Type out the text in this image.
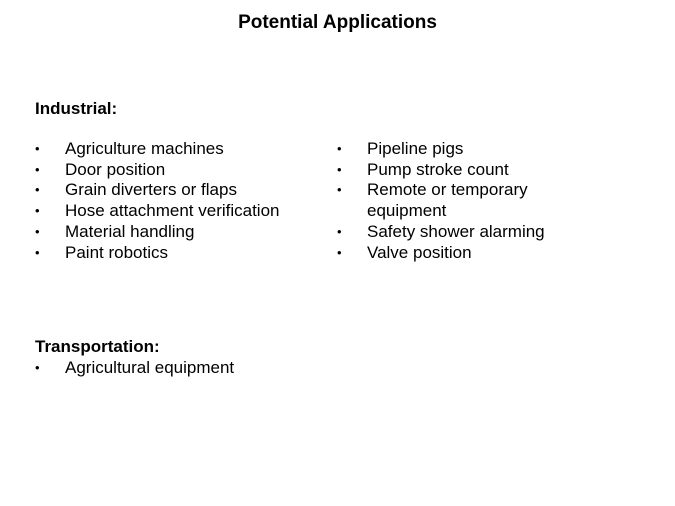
Potential Applications
Industrial:
•	Agriculture machines
•	Door position
•	Grain diverters or flaps
•	Hose attachment verification
•	Material handling
•	Paint robotics
•	Pipeline pigs
•	Pump stroke count
•	Remote or temporary equipment
•	Safety shower alarming
•	Valve position
Transportation:
•	Agricultural equipment
